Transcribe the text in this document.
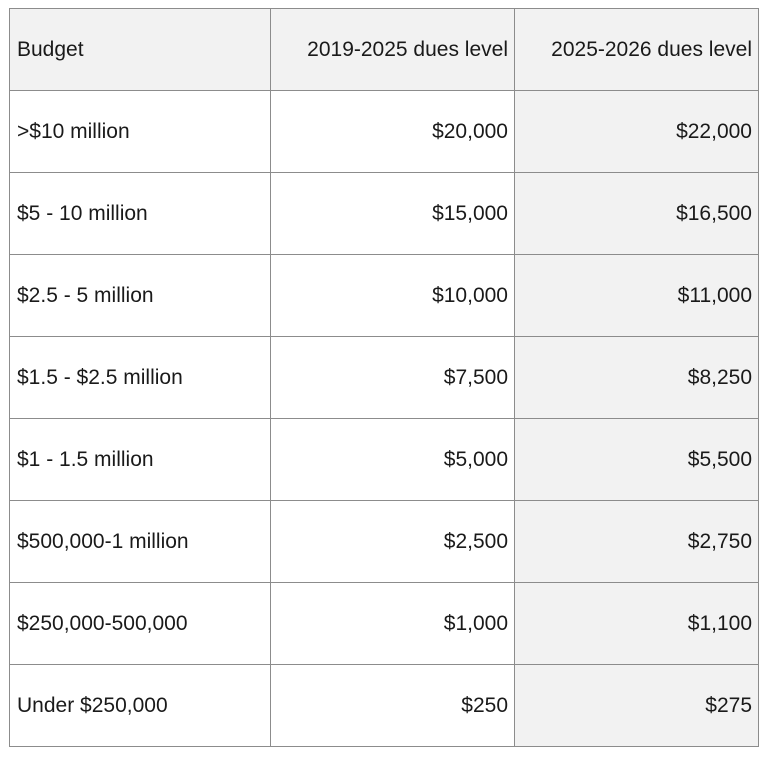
Budget	2019-2025 dues level	2025-2026 dues level
>$10 million	$20,000	$22,000
$5 - 10 million	$15,000	$16,500
$2.5 - 5 million	$10,000	$11,000
$1.5 - $2.5 million	$7,500	$8,250
$1 - 1.5 million	$5,000	$5,500
$500,000-1 million	$2,500	$2,750
$250,000-500,000	$1,000	$1,100
Under $250,000	$250	$275
